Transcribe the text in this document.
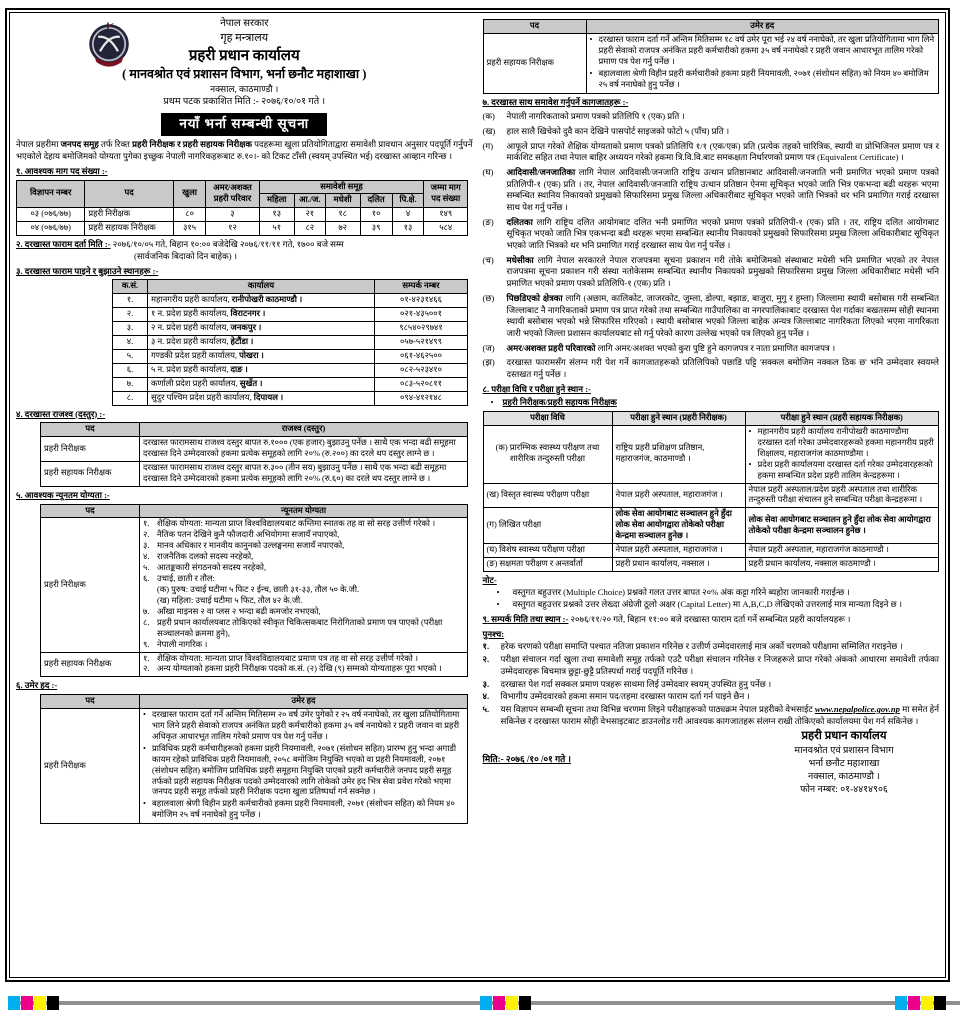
नेपाल सरकार
गृह मन्त्रालय
प्रहरी प्रधान कार्यालय
( मानवश्रोत एवं प्रशासन विभाग, भर्ना छनौट महाशाखा )
नक्साल, काठमाण्डौ ।
प्रथम पटक प्रकाशित मिति :- २०७६/१०/०१ गते ।
नयाँ भर्ना सम्बन्धी सूचना

नेपाल प्रहरीमा जनपद समूह तर्फ रिक्त प्रहरी निरीक्षक र प्रहरी सहायक निरीक्षक पदहरूमा खुला प्रतियोगिताद्वारा समावेशी प्रावधान अनुसार पदपूर्ति गर्नुपर्ने भएकोले देहाय बमोजिमको योग्यता पुगेका इच्छुक नेपाली नागरिकहरूबाट रु.१०।- को टिकट टाँसी (स्वयम् उपस्थित भई) दरखास्त आव्हान गरिन्छ ।

१. आवश्यक माग पद संख्या :-
विज्ञापन नम्बर	पद	खुला	अमर/अशक्त प्रहरी परिवार	समावेशी समूह					जम्मा माग पद संख्या
				महिला	आ./ज.	मधेशी	दलित	पि.क्षे.	
०३ (०७६/७७)	प्रहरी निरीक्षक	८०	३	१३	२१	१८	१०	४	१४९
०४ (०७६/७७)	प्रहरी सहायक निरीक्षक	३१५	१२	५१	८२	७२	३९	१३	५८४
२. दरखास्त फाराम दर्ता मिति :- २०७६/१०/०५ गते, बिहान १०:०० बजेदेखि २०७६/११/११ गते, १७०० बजे सम्म
(सार्वजनिक बिदाको दिन बाहेक) ।
३. दरखास्त फाराम पाइने र बुझाउने स्थानहरू :-
क.सं.	कार्यालय	सम्पर्क नम्बर
१.	महानगरीय प्रहरी कार्यालय, रानीपोखरी काठमाण्डौ ।	०१-४२३१४६६
२.	१ न. प्रदेश प्रहरी कार्यालय, विराटनगर ।	०२१-४३५००१
३.	२ न. प्रदेश प्रहरी कार्यालय, जनकपुर ।	९८५४०२९७४१
४.	३ न. प्रदेश प्रहरी कार्यालय, हेटौंडा ।	०५७-५२१४९९
५.	गण्डकी प्रदेश प्रहरी कार्यालय, पोखरा ।	०६१-४६२५००
६.	५ न. प्रदेश प्रहरी कार्यालय, दाङ ।	०८२-५२३४१०
७.	कर्णाली प्रदेश प्रहरी कार्यालय, सुर्खेत ।	०८३-५२०८११
८.	सुदुर पश्चिम प्रदेश प्रहरी कार्यालय, दिपायल ।	०९४-४१२१४८
४. दरखास्त राजश्व (दस्तुर) :-
पद	राजश्व (दस्तुर)
प्रहरी निरीक्षक	दरखास्त फारामसाथ राजश्व दस्तुर बापत रु.१००० (एक हजार) बुझाउनु पर्नेछ । साथै एक भन्दा बढी समूहमा दरखास्त दिने उम्मेदवारको हकमा प्रत्येक समूहको लागि २०% (रु.२००) का दरले थप दस्तुर लाग्ने छ ।
प्रहरी सहायक निरीक्षक	दरखास्त फारामसाथ राजश्व दस्तुर बापत रु.३०० (तीन सय) बुझाउनु पर्नेछ । साथै एक भन्दा बढी समूहमा दरखास्त दिने उम्मेदवारको हकमा प्रत्येक समूहको लागि २०% (रु.६०) का दरले थप दस्तुर लाग्ने छ ।
५. आवश्यक न्यूनतम योग्यता :-
पद	न्यूनतम योग्यता
प्रहरी निरीक्षक	
१. शैक्षिक योग्यता: मान्यता प्राप्त विश्वविद्यालयबाट कम्तिमा स्नातक तह वा सो सरह उत्तीर्ण गरेको ।
२. नैतिक पतन देखिने कुनै फौजदारी अभियोगमा सजायँ नपाएको,
३. मानव अधिकार र मानवीय कानुनको उल्लङ्घनमा सजायँ नपाएको,
४. राजनैतिक दलको सदस्य नरहेको,
५. आतङ्ककारी संगठनको सदस्य नरहेको,
६. उचाई, छाती र तौल:
(क) पुरुष: उचाई घटीमा ५ फिट २ ईन्च, छाती ३१-३३, तौल ५० के.जी.
(ख) महिला: उचाई घटीमा ५ फिट, तौल ४२ के.जी.
७. आँखा माइनस २ वा प्लस २ भन्दा बढी कमजोर नभएको,
८. प्रहरी प्रधान कार्यालयबाट तोकिएको स्वीकृत चिकित्सकबाट निरोगिताको प्रमाण पत्र पाएको (परीक्षा सञ्चालनको क्रममा हुने),
९. नेपाली नागरिक ।

प्रहरी सहायक निरीक्षक	१. शैक्षिक योग्यता: मान्यता प्राप्त विश्वविद्यालयबाट प्रमाण पत्र तह वा सो सरह उत्तीर्ण गरेको ।
२. अन्य योग्यताको हकमा प्रहरी निरीक्षक पदको क.सं. (२) देखि (९) सम्मको योग्यताहरू पूरा भएको ।
६. उमेर हद :-
पद	उमेर हद
प्रहरी निरीक्षक	
• दरखास्त फाराम दर्ता गर्ने अन्तिम मितिसम्म २० वर्ष उमेर पुगेको र २५ वर्ष ननाघेको, तर खुला प्रतियोगितामा भाग लिने प्रहरी सेवाको राजपत्र अनंकित प्रहरी कर्मचारीको हकमा ३५ वर्ष ननाघेको र प्रहरी जवान वा प्रहरी अधिकृत आधारभूत तालिम गरेको प्रमाण पत्र पेश गर्नु पर्नेछ ।
• प्राविधिक प्रहरी कर्मचारीहरूको हकमा प्रहरी नियमावली, २०७१ (संशोधन सहित) प्रारम्भ हुनु भन्दा अगाडी कायम रहेको प्राविधिक प्रहरी नियमावली, २०५८ बमोजिम नियुक्ति भएको वा प्रहरी नियमावली, २०७१ (संशोधन सहित) बमोजिम प्राविधिक प्रहरी समूहमा नियुक्ति पाएको प्रहरी कर्मचारीले जनपद प्रहरी समूह तर्फको प्रहरी सहायक निरीक्षक पदको उम्मेदवारको लागि तोकेको उमेर हद भित्र सेवा प्रवेश गरेको भएमा जनपद प्रहरी समूह तर्फको प्रहरी निरीक्षक पदमा खुला प्रतिष्पर्धा गर्न सक्नेछ ।
• बहालवाला श्रेणी विहीन प्रहरी कर्मचारीको हकमा प्रहरी नियमावली, २०७१ (संशोधन सहित) को नियम ४० बमोजिम २५ वर्ष ननाघेको हुनु पर्नेछ ।
पद	उमेर हद
प्रहरी सहायक निरीक्षक	• दरखास्त फाराम दर्ता गर्ने अन्तिम मितिसम्म १८ वर्ष उमेर पूरा भई २४ वर्ष ननाघेको, तर खुला प्रतियोगितामा भाग लिने प्रहरी सेवाको राजपत्र अनंकित प्रहरी कर्मचारीको हकमा ३५ वर्ष ननाघेको र प्रहरी जवान आधारभूत तालिम गरेको प्रमाण पत्र पेश गर्नु पर्नेछ ।
• बहालवाला श्रेणी विहीन प्रहरी कर्मचारीको हकमा प्रहरी नियमावली, २०७१ (संशोधन सहित) को नियम ४० बमोजिम २५ वर्ष ननाघेको हुनु पर्नेछ ।
७. दरखास्त साथ समावेश गर्नुपर्ने कागजातहरू :-
(क)	नेपाली नागरिकताको प्रमाण पत्रको प्रतिलिपि १ (एक) प्रति ।
(ख)	हाल सालै खिचेको दुवै कान देखिने पासपोर्ट साइजको फोटो ५ (पाँच) प्रति ।
(ग)	आफूले प्राप्त गरेको शैक्षिक योग्यताको प्रमाण पत्रको प्रतिलिपि १/१ (एक/एक) प्रति (प्रत्येक तहको चारित्रिक, स्थायी वा प्रोभिजिनल प्रमाण पत्र र मार्कशिट सहित तथा नेपाल बाहिर अध्ययन गरेको हकमा त्रि.वि.वि.बाट समकक्षता निर्धारणको प्रमाण पत्र (Equivalent Certificate) ।
(घ)	आदिवासी/जनजातिका लागि नेपाल आदिवासी/जनजाति राष्ट्रिय उत्थान प्रतिष्ठानबाट आदिवासी/जनजाति भनी प्रमाणित भएको प्रमाण पत्रको प्रतिलिपी-१ (एक) प्रति । तर, नेपाल आदिवासी/जनजाति राष्ट्रिय उत्थान प्रतिष्ठान ऐनमा सूचिकृत भएको जाति भित्र एकभन्दा बढी थरहरू भएमा सम्बन्धित स्थानिय निकायको प्रमुखको सिफारिसमा प्रमुख जिल्ला अधिकारीबाट सूचिकृत भएको जाति भित्रको थर भनि प्रमाणित गराई दरखास्त साथ पेश गर्नु पर्नेछ ।
(ङ)	दलितका लागि राष्ट्रिय दलित आयोगबाट दलित भनी प्रमाणित भएको प्रमाण पत्रको प्रतिलिपी-१ (एक) प्रति । तर, राष्ट्रिय दलित आयोगबाट सूचिकृत भएको जाति भित्र एकभन्दा बढी थरहरू भएमा सम्बन्धित स्थानीय निकायको प्रमुखको सिफारिसमा प्रमुख जिल्ला अधिकारीबाट सूचिकृत भएको जाति भित्रको थर भनि प्रमाणित गराई दरखास्त साथ पेश गर्नु पर्नेछ ।
(च)	मधेसीका लागि नेपाल सरकारले नेपाल राजपत्रमा सूचना प्रकाशन गरी तोके बमोजिमको संस्थाबाट मधेसी भनि प्रमाणित भएको तर नेपाल राजपत्रमा सूचना प्रकाशन गरी संस्था नतोकेसम्म सम्बन्धित स्थानीय निकायको प्रमुखको सिफारिसमा प्रमुख जिल्ला अधिकारीबाट मधेसी भनि प्रमाणित भएको प्रमाण पत्रको प्रतिलिपि-१ (एक) प्रति ।
(छ)	पिछडिएको क्षेत्रका लागि (अछाम, कालिकोट, जाजरकोट, जुम्ला, डोल्पा, बझाङ, बाजुरा, मुगु र हुम्ला) जिल्लामा स्थायी बसोबास गरी सम्बन्धित जिल्लाबाट नै नागरिकताको प्रमाण पत्र प्राप्त गरेको तथा सम्बन्धित गाउँपालिका वा नगरपालिकाबाट दरखास्त पेश गर्दाका बखतसम्म सोही स्थानमा स्थायी बसोबास भएको भन्ने सिफारिस गरिएको । स्थायी बसोबास भएको जिल्ला बाहेक अन्यत्र जिल्लाबाट नागरिकता लिएको भएमा नागरिकता जारी भएको जिल्ला प्रशासन कार्यालयबाट सो गर्नु परेको कारण उल्लेख भएको पत्र लिएको हुनु पर्नेछ ।
(ज)	अमर/अशक्त प्रहरी परिवारको लागि अमर/अशक्त भएको कुरा पुष्टि हुने कागजपत्र र नाता प्रमाणित कागजपत्र ।
(झ)	दरखास्त फारामसँग संलग्न गरी पेश गर्ने कागजातहरूको प्रतिलिपिको पछाडि पट्टि 'सक्कल बमोजिम नक्कल ठिक छ' भनि उम्मेदवार स्वयम्ले दस्तखत गर्नु पर्नेछ ।
८. परीक्षा विधि र परीक्षा हुने स्थान :-
•	प्रहरी निरीक्षक/प्रहरी सहायक निरीक्षक
परीक्षा विधि	परीक्षा हुने स्थान (प्रहरी निरीक्षक)	परीक्षा हुने स्थान (प्रहरी सहायक निरीक्षक)
(क) प्रारम्भिक स्वास्थ्य परीक्षण तथा शारीरिक तन्दुरुस्ती परीक्षा	राष्ट्रिय प्रहरी प्रशिक्षण प्रतिष्ठान, महाराजगंज, काठमाण्डौ ।	• महानगरीय प्रहरी कार्यालय रानीपोखरी काठमाण्डौमा दरखास्त दर्ता गरेका उम्मेदवारहरूको हकमा महानगरीय प्रहरी शिक्षालय, महाराजगंज काठमाण्डौमा ।
• प्रदेश प्रहरी कार्यालयमा दरखास्त दर्ता गरेका उम्मेदवारहरूको हकमा सम्बन्धित प्रदेश प्रहरी तालिम केन्द्रहरूमा ।

(ख) विस्तृत स्वास्थ्य परीक्षण परीक्षा	नेपाल प्रहरी अस्पताल, महाराजगंज ।	नेपाल प्रहरी अस्पताल/प्रदेश प्रहरी अस्पताल तथा शारीरिक तन्दुरुस्ती परीक्षा संचालन हुने सम्बन्धित परीक्षा केन्द्रहरूमा ।
(ग) लिखित परीक्षा	लोक सेवा आयोगबाट सञ्चालन हुने हुँदा लोक सेवा आयोगद्वारा तोकेको परीक्षा केन्द्रमा सञ्चालन हुनेछ ।	लोक सेवा आयोगबाट सञ्चालन हुने हुँदा लोक सेवा आयोगद्वारा तोकेको परीक्षा केन्द्रमा सञ्चालन हुनेछ ।
(घ) विशेष स्वास्थ्य परीक्षण परीक्षा	नेपाल प्रहरी अस्पताल, महाराजगंज ।	नेपाल प्रहरी अस्पताल, महाराजगंज काठमाण्डौ ।
(ङ) सक्षमता परीक्षण र अन्तर्वार्ता	प्रहरी प्रधान कार्यालय, नक्साल ।	प्रहरी प्रधान कार्यालय, नक्साल काठमाण्डौ ।
नोट-
•	वस्तुगत बहुउत्तर (Multiple Choice) प्रश्नको गलत उत्तर बापत २०% अंक कट्टा गरिने ब्यहोरा जानकारी गराईन्छ ।
•	वस्तुगत बहुउत्तर प्रश्नको उत्तर लेख्दा अंग्रेजी ठूलो अक्षर (Capital Letter) मा A,B,C,D लेखिएको उत्तरलाई मात्र मान्यता दिइने छ ।
९. सम्पर्क मिति तथा स्थान :- २०७६/११/२० गते, बिहान ११:०० बजे दरखास्त फाराम दर्ता गर्ने सम्बन्धित प्रहरी कार्यालयहरू ।
पुनश्च:
१.	हरेक चरणको परीक्षा समाप्ति पश्चात नतिजा प्रकाशन गरिनेछ र उत्तीर्ण उम्मेदवारलाई मात्र अर्को चरणको परीक्षामा सम्मिलित गराइनेछ ।
२.	परीक्षा संचालन गर्दा खुला तथा समावेशी समूह तर्फको एउटै परीक्षा संचालन गरिनेछ र निजहरूले प्राप्त गरेको अंकको आधारमा समावेशी तर्फका उम्मेदवारहरू बिचमात्र छुट्टा-छुट्टै प्रतिस्पर्धा गराई पदपूर्ति गरिनेछ ।
३.	दरखास्त पेश गर्दा सक्कल प्रमाण पत्रहरू साथमा लिई उम्मेदवार स्वयम् उपस्थित हुनु पर्नेछ ।
४.	विभागीय उम्मेदवारको हकमा समान पद/तहमा दरखास्त फाराम दर्ता गर्न पाइने छैन ।
५.	यस विज्ञापन सम्बन्धी सूचना तथा विभिन्न चरणमा लिइने परीक्षाहरूको पाठ्यक्रम नेपाल प्रहरीको वेभसाईट www.nepalpolice.gov.np मा समेत हेर्न सकिनेछ र दरखास्त फाराम सोही वेभसाइटबाट डाउनलोड गरी आवश्यक कागजातहरू संलग्न राखी तोकिएको कार्यालयमा पेश गर्न सकिनेछ ।
प्रहरी प्रधान कार्यालय
मानवश्रोत एवं प्रशासन विभाग
भर्ना छनौट महाशाखा
नक्साल, काठमाण्डौ ।
फोन नम्बर: ०१-४४१४९०६
मिति:- २०७६ /१० /०१ गते ।
